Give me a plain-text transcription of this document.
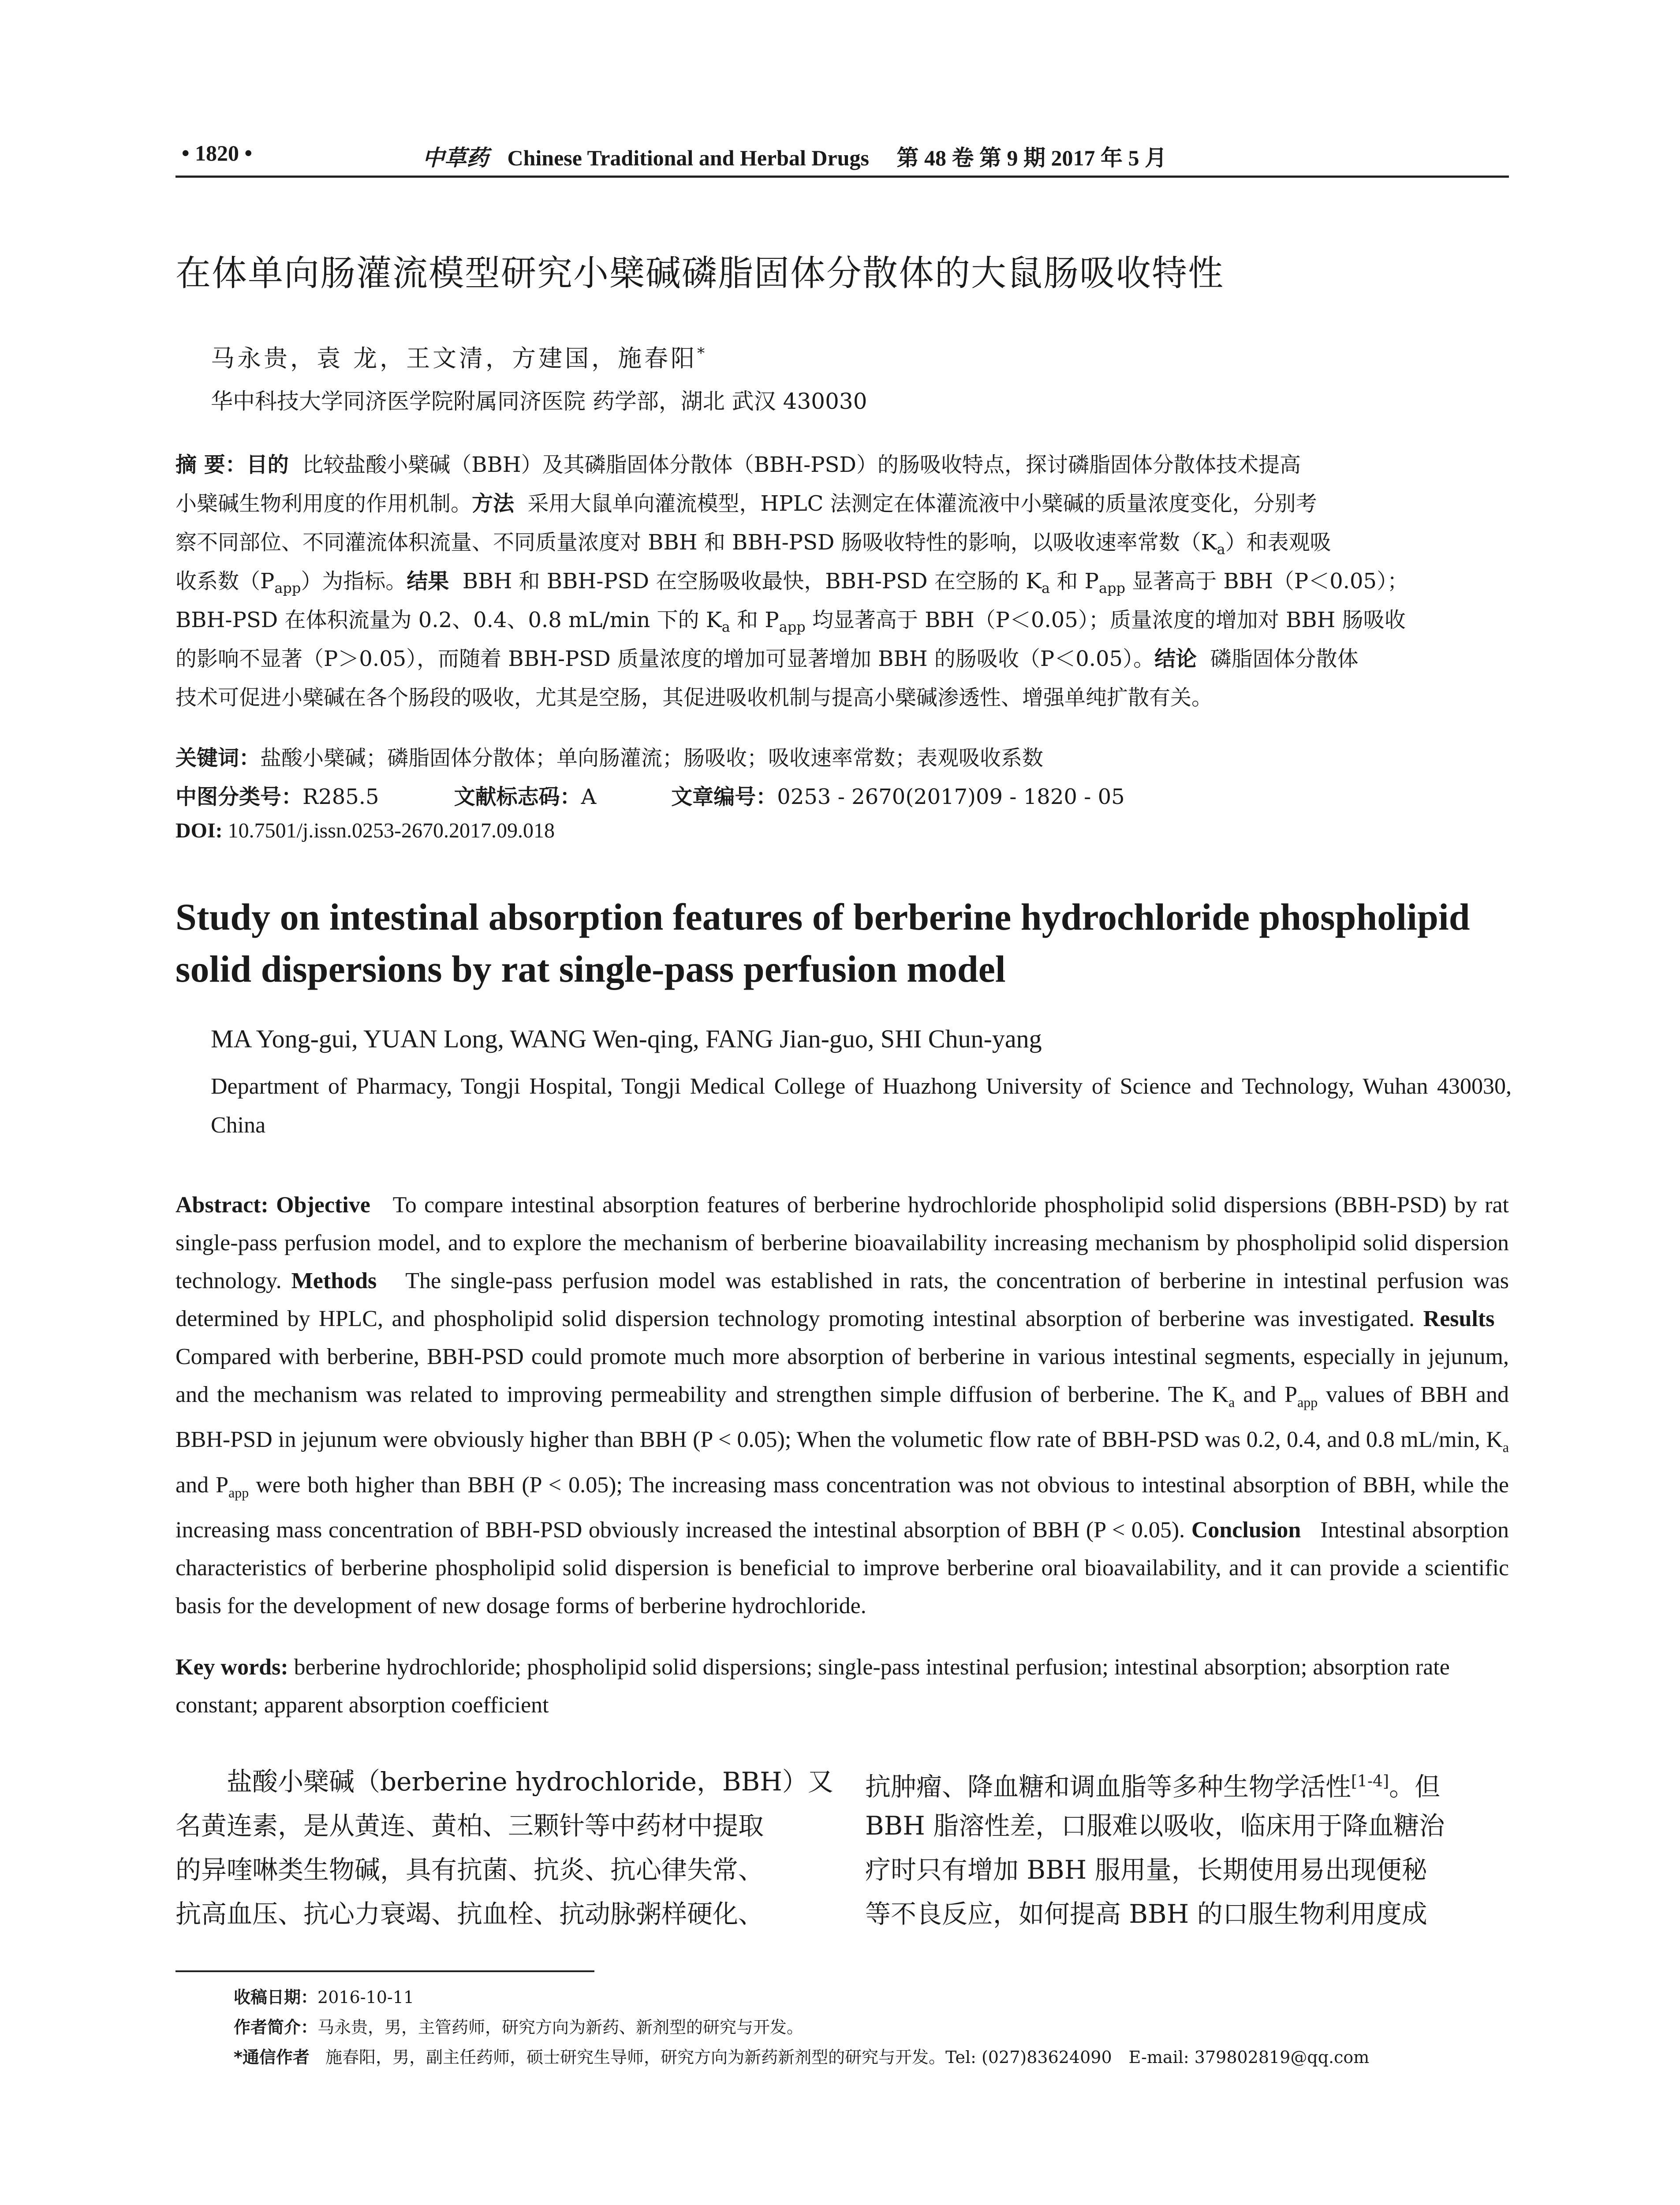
• 1820 •	中草药 Chinese Traditional and Herbal Drugs 第 48 卷 第 9 期 2017 年 5 月
在体单向肠灌流模型研究小檗碱磷脂固体分散体的大鼠肠吸收特性
马永贵，袁 龙，王文清，方建国，施春阳*
华中科技大学同济医学院附属同济医院 药学部，湖北 武汉 430030
摘 要：目的 比较盐酸小檗碱（BBH）及其磷脂固体分散体（BBH-PSD）的肠吸收特点，探讨磷脂固体分散体技术提高
小檗碱生物利用度的作用机制。方法 采用大鼠单向灌流模型，HPLC 法测定在体灌流液中小檗碱的质量浓度变化，分别考
察不同部位、不同灌流体积流量、不同质量浓度对 BBH 和 BBH-PSD 肠吸收特性的影响，以吸收速率常数$(K_a)$和表观吸
收系数$(P_{app})$为指标。结果 BBH 和 BBH-PSD 在空肠吸收最快，BBH-PSD 在空肠的 $K_a$ 和 $P_{app}$ 显著高于 BBH（P＜0.05）；
BBH-PSD 在体积流量为 0.2、0.4、0.8 mL/min 下的 $K_a$ 和 $P_{app}$ 均显著高于 BBH（P＜0.05）；质量浓度的增加对 BBH 肠吸收
的影响不显著（P＞0.05），而随着 BBH-PSD 质量浓度的增加可显著增加 BBH 的肠吸收（P＜0.05）。结论 磷脂固体分散体
技术可促进小檗碱在各个肠段的吸收，尤其是空肠，其促进吸收机制与提高小檗碱渗透性、增强单纯扩散有关。
关键词：盐酸小檗碱；磷脂固体分散体；单向肠灌流；肠吸收；吸收速率常数；表观吸收系数
中图分类号：R285.5	文献标志码：A	文章编号：0253 - 2670(2017)09 - 1820 - 05
DOI: 10.7501/j.issn.0253-2670.2017.09.018
Study on intestinal absorption features of berberine hydrochloride phospholipid solid dispersions by rat single-pass perfusion model
MA Yong-gui, YUAN Long, WANG Wen-qing, FANG Jian-guo, SHI Chun-yang
Department of Pharmacy, Tongji Hospital, Tongji Medical College of Huazhong University of Science and Technology, Wuhan 430030, China
Abstract: Objective To compare intestinal absorption features of berberine hydrochloride phospholipid solid dispersions (BBH-PSD) by rat single-pass perfusion model, and to explore the mechanism of berberine bioavailability increasing mechanism by phospholipid solid dispersion technology. Methods The single-pass perfusion model was established in rats, the concentration of berberine in intestinal perfusion was determined by HPLC, and phospholipid solid dispersion technology promoting intestinal absorption of berberine was investigated. Results   Compared with berberine, BBH-PSD could promote much more absorption of berberine in various intestinal segments, especially in jejunum, and the mechanism was related to improving permeability and strengthen simple diffusion of berberine. The $K_a$ and $P_{app}$ values of BBH and BBH-PSD in jejunum were obviously higher than BBH (P < 0.05); When the volumetic flow rate of BBH-PSD was 0.2, 0.4, and 0.8 mL/min, $K_a$ and $P_{app}$ were both higher than BBH (P < 0.05); The increasing mass concentration was not obvious to intestinal absorption of BBH, while the increasing mass concentration of BBH-PSD obviously increased the intestinal absorption of BBH (P < 0.05). Conclusion Intestinal absorption characteristics of berberine phospholipid solid dispersion is beneficial to improve berberine oral bioavailability, and it can provide a scientific basis for the development of new dosage forms of berberine hydrochloride.
Key words: berberine hydrochloride; phospholipid solid dispersions; single-pass intestinal perfusion; intestinal absorption; absorption rate constant; apparent absorption coefficient
　　盐酸小檗碱（berberine hydrochloride，BBH）又
名黄连素，是从黄连、黄柏、三颗针等中药材中提取
的异喹啉类生物碱，具有抗菌、抗炎、抗心律失常、
抗高血压、抗心力衰竭、抗血栓、抗动脉粥样硬化、
抗肿瘤、降血糖和调血脂等多种生物学活性[1-4]。但
BBH 脂溶性差，口服难以吸收，临床用于降血糖治
疗时只有增加 BBH 服用量，长期使用易出现便秘
等不良反应，如何提高 BBH 的口服生物利用度成
收稿日期：2016-10-11
作者简介：马永贵，男，主管药师，研究方向为新药、新剂型的研究与开发。
*通信作者 施春阳，男，副主任药师，硕士研究生导师，研究方向为新药新剂型的研究与开发。Tel: (027)83624090　E-mail: 379802819@qq.com
